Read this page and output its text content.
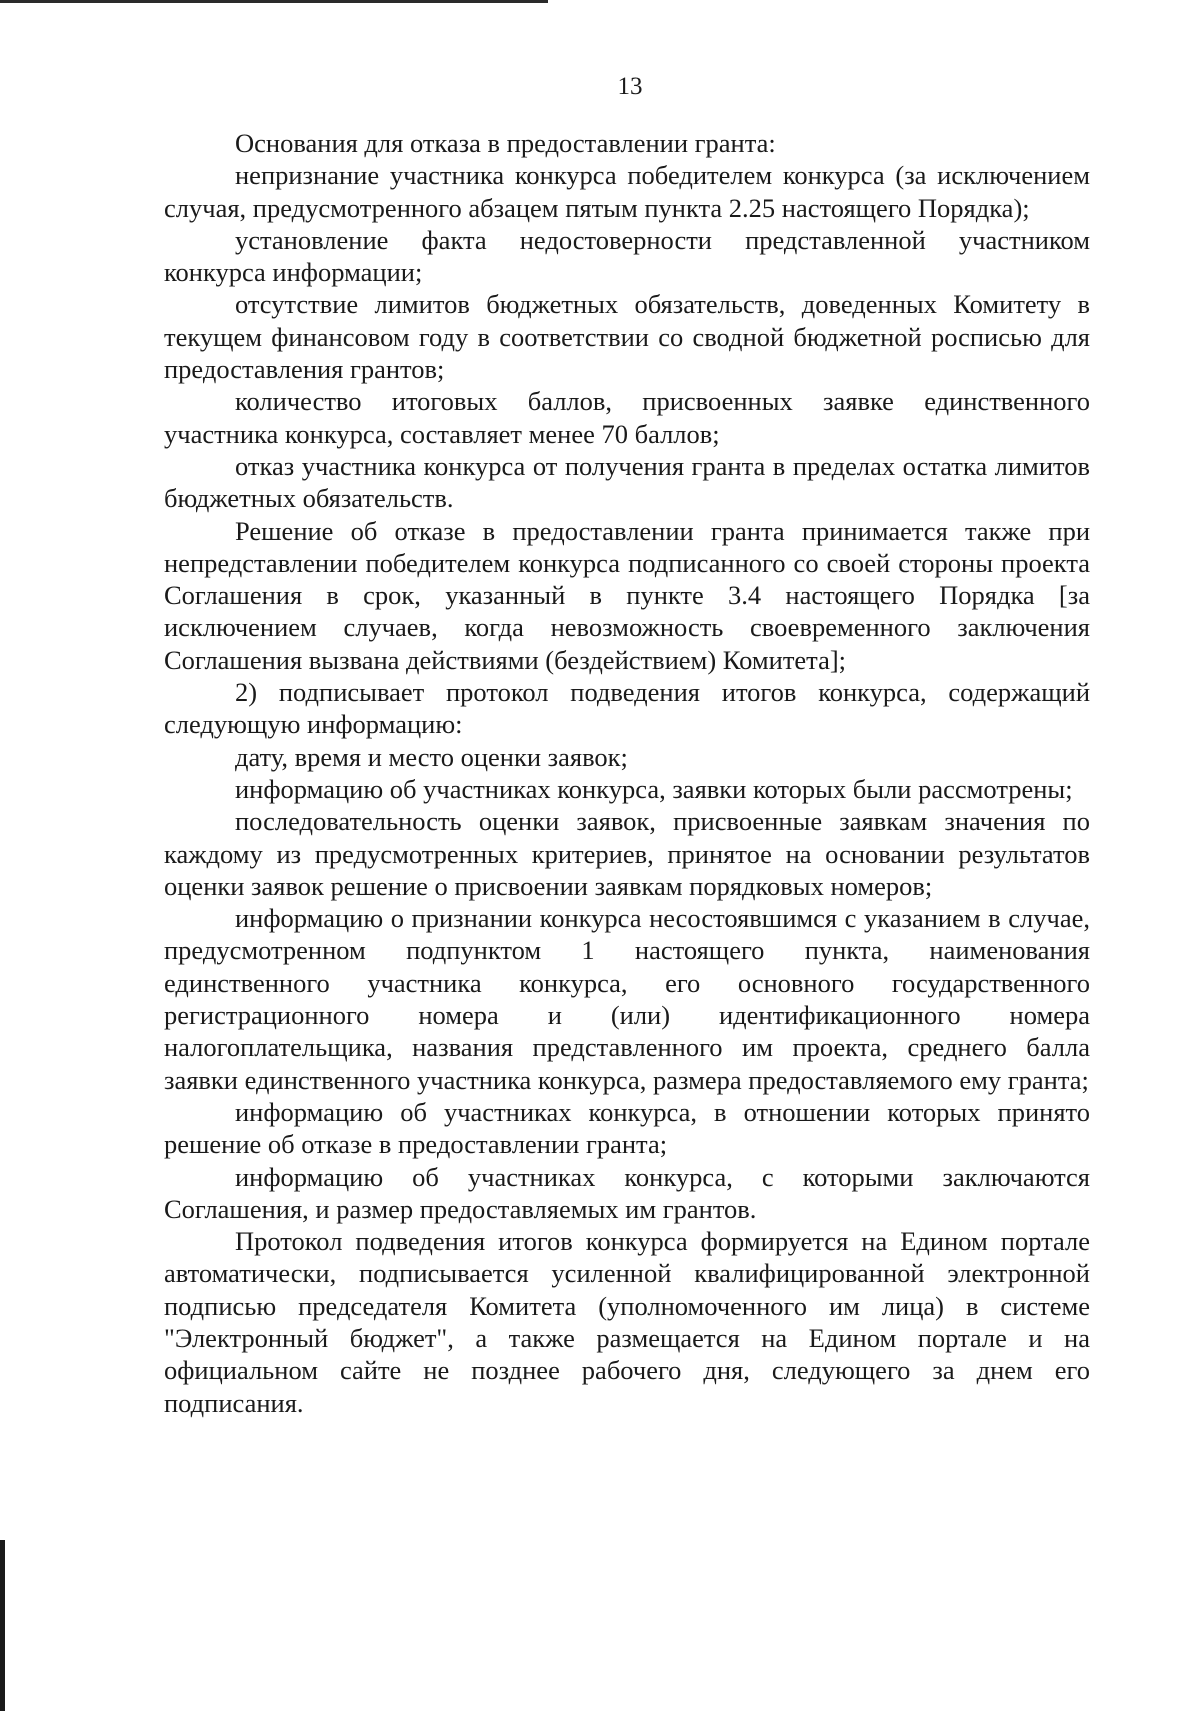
13

Основания для отказа в предоставлении гранта:

непризнание участника конкурса победителем конкурса (за исключением случая, предусмотренного абзацем пятым пункта 2.25 настоящего Порядка);

установление факта недостоверности представленной участником конкурса информации;

отсутствие лимитов бюджетных обязательств, доведенных Комитету в текущем финансовом году в соответствии со сводной бюджетной росписью для предоставления грантов;

количество итоговых баллов, присвоенных заявке единственного участника конкурса, составляет менее 70 баллов;

отказ участника конкурса от получения гранта в пределах остатка лимитов бюджетных обязательств.

Решение об отказе в предоставлении гранта принимается также при непредставлении победителем конкурса подписанного со своей стороны проекта Соглашения в срок, указанный в пункте 3.4 настоящего Порядка [за исключением случаев, когда невозможность своевременного заключения Соглашения вызвана действиями (бездействием) Комитета];

2) подписывает протокол подведения итогов конкурса, содержащий следующую информацию:

дату, время и место оценки заявок;

информацию об участниках конкурса, заявки которых были рассмотрены;

последовательность оценки заявок, присвоенные заявкам значения по каждому из предусмотренных критериев, принятое на основании результатов оценки заявок решение о присвоении заявкам порядковых номеров;

информацию о признании конкурса несостоявшимся с указанием в случае, предусмотренном подпунктом 1 настоящего пункта, наименования единственного участника конкурса, его основного государственного регистрационного номера и (или) идентификационного номера налогоплательщика, названия представленного им проекта, среднего балла заявки единственного участника конкурса, размера предоставляемого ему гранта;

информацию об участниках конкурса, в отношении которых принято решение об отказе в предоставлении гранта;

информацию об участниках конкурса, с которыми заключаются Соглашения, и размер предоставляемых им грантов.

Протокол подведения итогов конкурса формируется на Едином портале автоматически, подписывается усиленной квалифицированной электронной подписью председателя Комитета (уполномоченного им лица) в системе "Электронный бюджет", а также размещается на Едином портале и на официальном сайте не позднее рабочего дня, следующего за днем его подписания.
